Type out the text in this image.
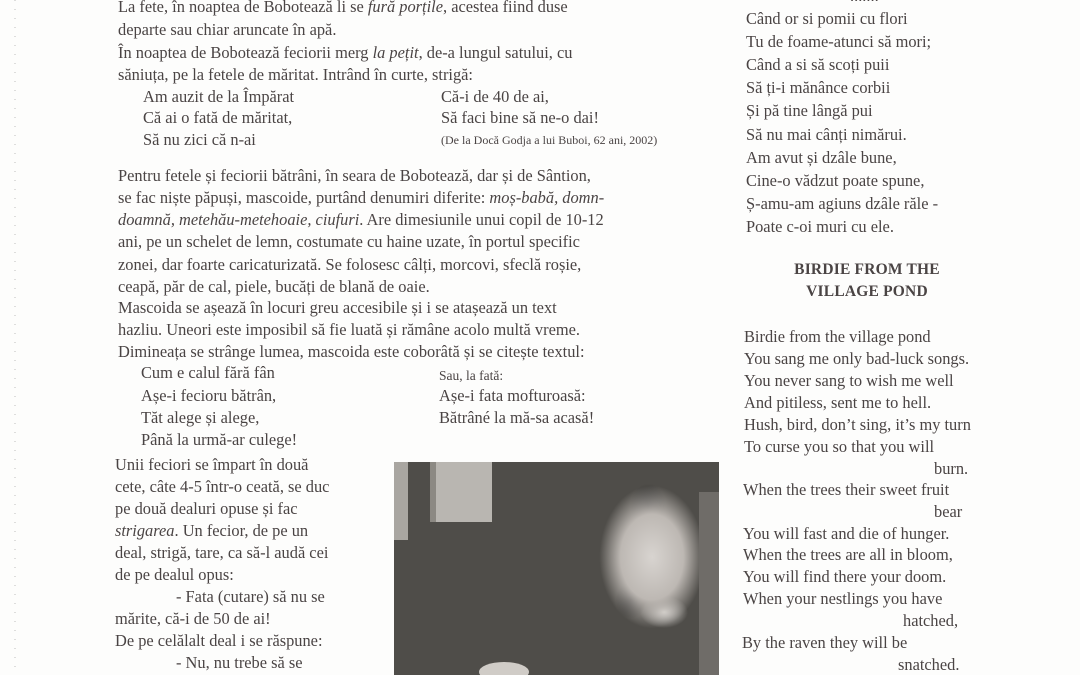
La fete, în noaptea de Bobotează li se fură porțile, acestea fiind duse
departe sau chiar aruncate în apă.
În noaptea de Bobotează feciorii merg la pețit, de-a lungul satului, cu
săniuța, pe la fetele de măritat. Intrând în curte, strigă:
Am auzit de la Împărat
Că ai o fată de măritat,
Să nu zici că n-ai
Că-i de 40 de ai,
Să faci bine să ne-o dai!
(De la Docă Godja a lui Buboi, 62 ani, 2002)
Pentru fetele și feciorii bătrâni, în seara de Bobotează, dar și de Sântion,
se fac niște păpuși, mascoide, purtând denumiri diferite: moș-babă, domn-
doamnă, metehău-metehoaie, ciufuri. Are dimesiunile unui copil de 10-12
ani, pe un schelet de lemn, costumate cu haine uzate, în portul specific
zonei, dar foarte caricaturizată. Se folosesc câlți, morcovi, sfeclă roșie,
ceapă, păr de cal, piele, bucăți de blană de oaie.
Mascoida se așează în locuri greu accesibile și i se atașează un text
hazliu. Uneori este imposibil să fie luată și rămâne acolo multă vreme.
Dimineața se strânge lumea, mascoida este coborâtă și se citește textul:
Cum e calul fără fân
Așe-i fecioru bătrân,
Tăt alege și alege,
Până la urmă-ar culege!
Sau, la fată:
Așe-i fata mofturoasă:
Bătrâné la mă-sa acasă!
Unii feciori se împart în două
cete, câte 4-5 într-o ceată, se duc
pe două dealuri opuse și fac
strigarea. Un fecior, de pe un
deal, strigă, tare, ca să-l audă cei
de pe dealul opus:
- Fata (cutare) să nu se
mărite, că-i de 50 de ai!
De pe celălalt deal i se răspune:
- Nu, nu trebe să se
Când or si pomii cu flori
Tu de foame-atunci să mori;
Când a si să scoți puii
Să ți-i mănânce corbii
Și pă tine lângă pui
Să nu mai cânți nimărui.
Am avut și dzâle bune,
Cine-o vădzut poate spune,
Ș-amu-am agiuns dzâle răle -
Poate c-oi muri cu ele.
BIRDIE FROM THE
VILLAGE POND
Birdie from the village pond
You sang me only bad-luck songs.
You never sang to wish me well
And pitiless, sent me to hell.
Hush, bird, don’t sing, it’s my turn
To curse you so that you will
burn.
When the trees their sweet fruit
bear
You will fast and die of hunger.
When the trees are all in bloom,
You will find there your doom.
When your nestlings you have
hatched,
By the raven they will be
snatched.
